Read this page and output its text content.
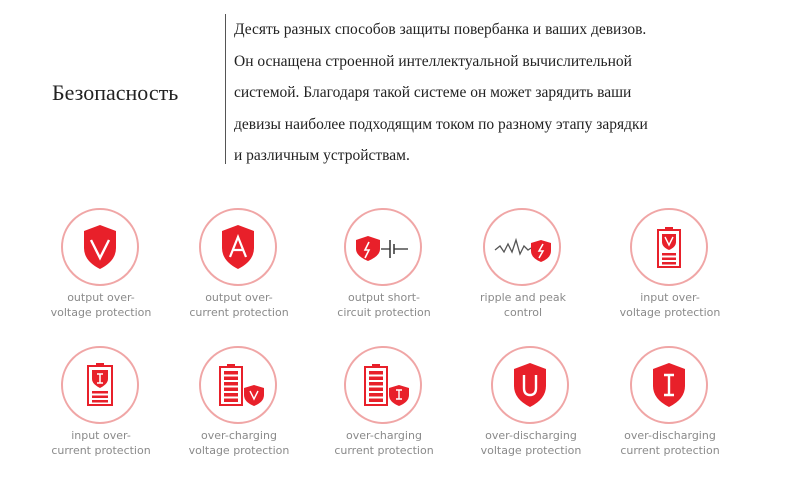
Безопасность
Десять разных способов защиты повербанка и ваших девизов.
Он оснащена строенной интеллектуальной вычислительной
системой. Благодаря такой системе он может зарядить ваши
девизы наиболее подходящим током по разному этапу зарядки
и различным устройствам.
output over-
voltage protection
output over-
current protection
output short-
circuit protection
ripple and peak
control
input over-
voltage protection
input over-
current protection
over-charging
voltage protection
over-charging
current protection
over-discharging
voltage protection
over-discharging
current protection
